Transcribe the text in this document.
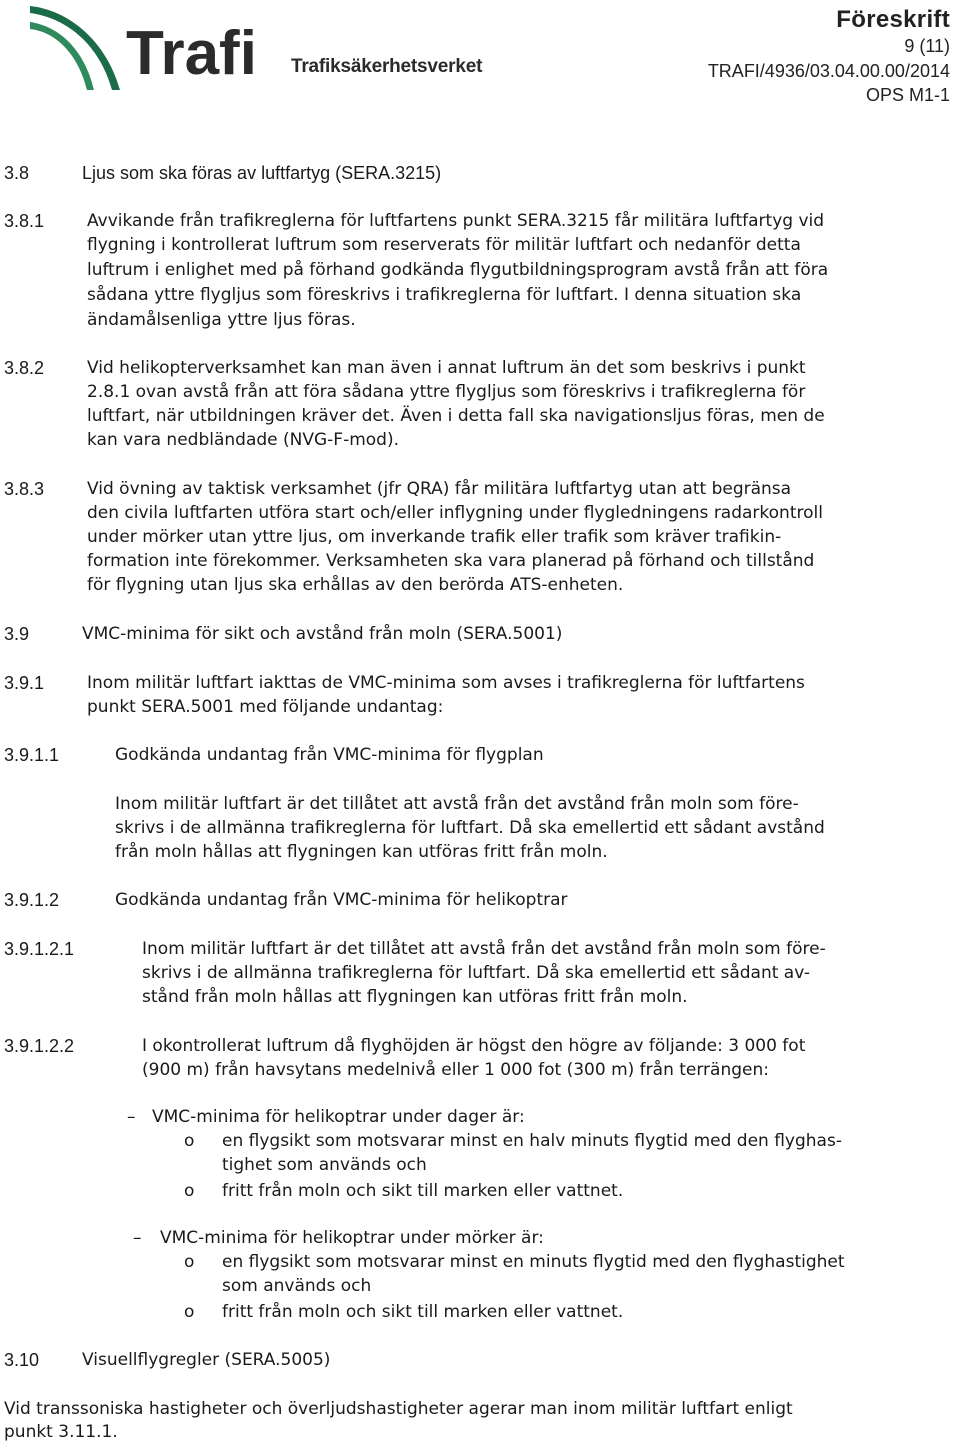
Trafi Trafiksäkerhetsverket
Föreskrift
9 (11)
TRAFI/4936/03.04.00.00/2014
OPS M1-1
3.8	Ljus som ska föras av luftfartyg (SERA.3215)
3.8.1	Avvikande från trafikreglerna för luftfartens punkt SERA.3215 får militära luftfartyg vid
flygning i kontrollerat luftrum som reserverats för militär luftfart och nedanför detta
luftrum i enlighet med på förhand godkända flygutbildningsprogram avstå från att föra
sådana yttre flygljus som föreskrivs i trafikreglerna för luftfart. I denna situation ska
ändamålsenliga yttre ljus föras.
3.8.2	Vid helikopterverksamhet kan man även i annat luftrum än det som beskrivs i punkt
2.8.1 ovan avstå från att föra sådana yttre flygljus som föreskrivs i trafikreglerna för
luftfart, när utbildningen kräver det. Även i detta fall ska navigationsljus föras, men de
kan vara nedbländade (NVG-F-mod).
3.8.3	Vid övning av taktisk verksamhet (jfr QRA) får militära luftfartyg utan att begränsa
den civila luftfarten utföra start och/eller inflygning under flygledningens radarkontroll
under mörker utan yttre ljus, om inverkande trafik eller trafik som kräver trafikin-
formation inte förekommer. Verksamheten ska vara planerad på förhand och tillstånd
för flygning utan ljus ska erhållas av den berörda ATS-enheten.
3.9	VMC-minima för sikt och avstånd från moln (SERA.5001)
3.9.1	Inom militär luftfart iakttas de VMC-minima som avses i trafikreglerna för luftfartens
punkt SERA.5001 med följande undantag:
3.9.1.1	Godkända undantag från VMC-minima för flygplan
Inom militär luftfart är det tillåtet att avstå från det avstånd från moln som före-
skrivs i de allmänna trafikreglerna för luftfart. Då ska emellertid ett sådant avstånd
från moln hållas att flygningen kan utföras fritt från moln.
3.9.1.2	Godkända undantag från VMC-minima för helikoptrar
3.9.1.2.1	Inom militär luftfart är det tillåtet att avstå från det avstånd från moln som före-
skrivs i de allmänna trafikreglerna för luftfart. Då ska emellertid ett sådant av-
stånd från moln hållas att flygningen kan utföras fritt från moln.
3.9.1.2.2	I okontrollerat luftrum då flyghöjden är högst den högre av följande: 3 000 fot
(900 m) från havsytans medelnivå eller 1 000 fot (300 m) från terrängen:
– VMC-minima för helikoptrar under dager är:
o en flygsikt som motsvarar minst en halv minuts flygtid med den flyghas-
tighet som används och
o fritt från moln och sikt till marken eller vattnet.
– VMC-minima för helikoptrar under mörker är:
o en flygsikt som motsvarar minst en minuts flygtid med den flyghastighet
som används och
o fritt från moln och sikt till marken eller vattnet.
3.10	Visuellflygregler (SERA.5005)
Vid transsoniska hastigheter och överljudshastigheter agerar man inom militär luftfart enligt
punkt 3.11.1.
